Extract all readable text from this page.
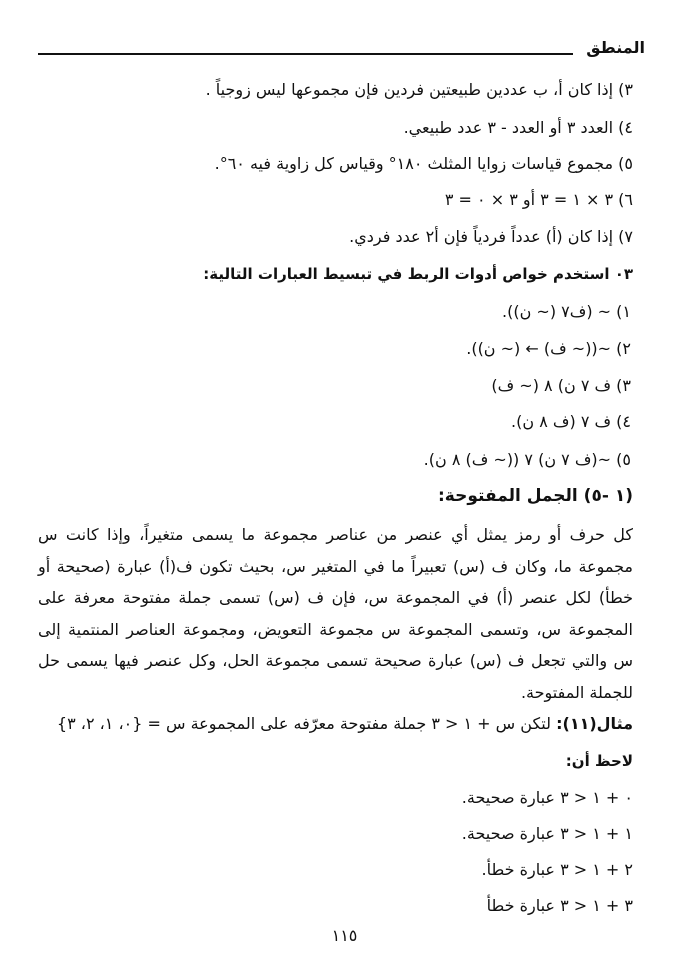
المنطق
٣) إذا كان أ، ب عددين طبيعتين فردين فإن مجموعها ليس زوجياً .
٤) العدد ٣ أو العدد - ٣ عدد طبيعي.
٥) مجموع قياسات زوايا المثلث ١٨٠° وقياس كل زاوية فيه ٦٠°.
٦) ٣ × ١ = ٣ أو ٣ × ٠ = ٣
٧) إذا كان (أ) عدداً فردياً فإن أ٢ عدد فردي.
٠٣ استخدم خواص أدوات الربط في تبسيط العبارات التالية:
١) ~ (ف٧ (~ ن)).
٢) ~((~ ف) ← (~ ن)).
٣) ف ٧ ن) ٨ (~ ف)
٤) ف ٧ (ف ٨ ن).
٥) ~(ف ٧ ن) ٧ ((~ ف) ٨ ن).
(١ -٥) الجمل المفتوحة:
كل حرف أو رمز يمثل أي عنصر من عناصر مجموعة ما يسمى متغيراً، وإذا كانت س مجموعة ما، وكان ف (س) تعبيراً ما في المتغير س، بحيث تكون ف(أ) عبارة (صحيحة أو خطأ) لكل عنصر (أ) في المجموعة س، فإن ف (س) تسمى جملة مفتوحة معرفة على المجموعة س، وتسمى المجموعة س مجموعة التعويض، ومجموعة العناصر المنتمية إلى س والتي تجعل ف (س) عبارة صحيحة تسمى مجموعة الحل، وكل عنصر فيها يسمى حل للجملة المفتوحة.
مثال(١١): لتكن س + ١ < ٣ جملة مفتوحة معرّفه على المجموعة س = {٠، ١، ٢، ٣}
لاحظ أن:
٠ + ١ < ٣ عبارة صحيحة.
١ + ١ < ٣ عبارة صحيحة.
٢ + ١ < ٣ عبارة خطأ.
٣ + ١ < ٣ عبارة خطأ
١١٥
